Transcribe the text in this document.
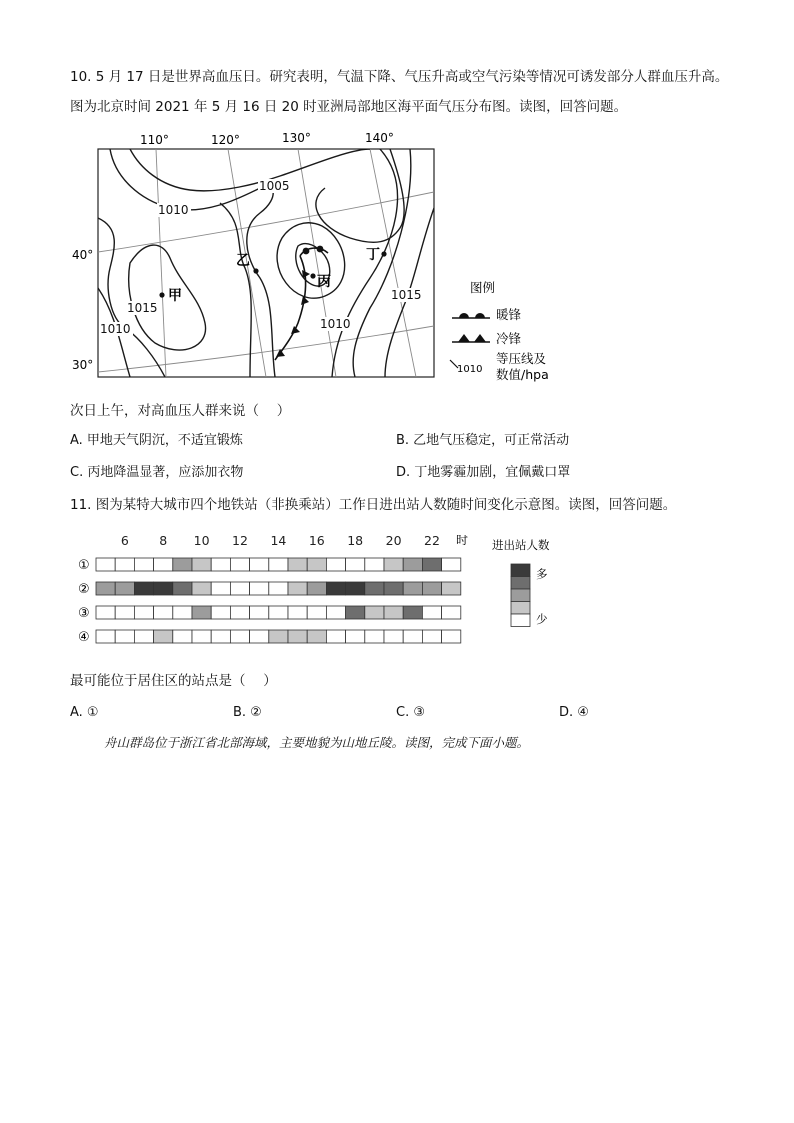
10. 5 月 17 日是世界高血压日。研究表明，气温下降、气压升高或空气污染等情况可诱发部分人群血压升高。
图为北京时间 2021 年 5 月 16 日 20 时亚洲局部地区海平面气压分布图。读图，回答问题。
110°	120°	130°	140°
40°
30°
1005
1010
1015
1015
1010
1010
甲
乙
丙
丁
图例
暖锋
冷锋
1010
等压线及
数值/hpa
次日上午，对高血压人群来说（　 ）
A. 甲地天气阴沉，不适宜锻炼	B. 乙地气压稳定，可正常活动
C. 丙地降温显著，应添加衣物	D. 丁地雾霾加剧，宜佩戴口罩
11. 图为某特大城市四个地铁站（非换乘站）工作日进出站人数随时间变化示意图。读图，回答问题。
6 8 10 12 14 16 18 20 22 时
①
②
③
④
进出站人数
多
少
最可能位于居住区的站点是（　 ）
A. ①	B. ②	C. ③	D. ④
舟山群岛位于浙江省北部海域，主要地貌为山地丘陵。读图，完成下面小题。
